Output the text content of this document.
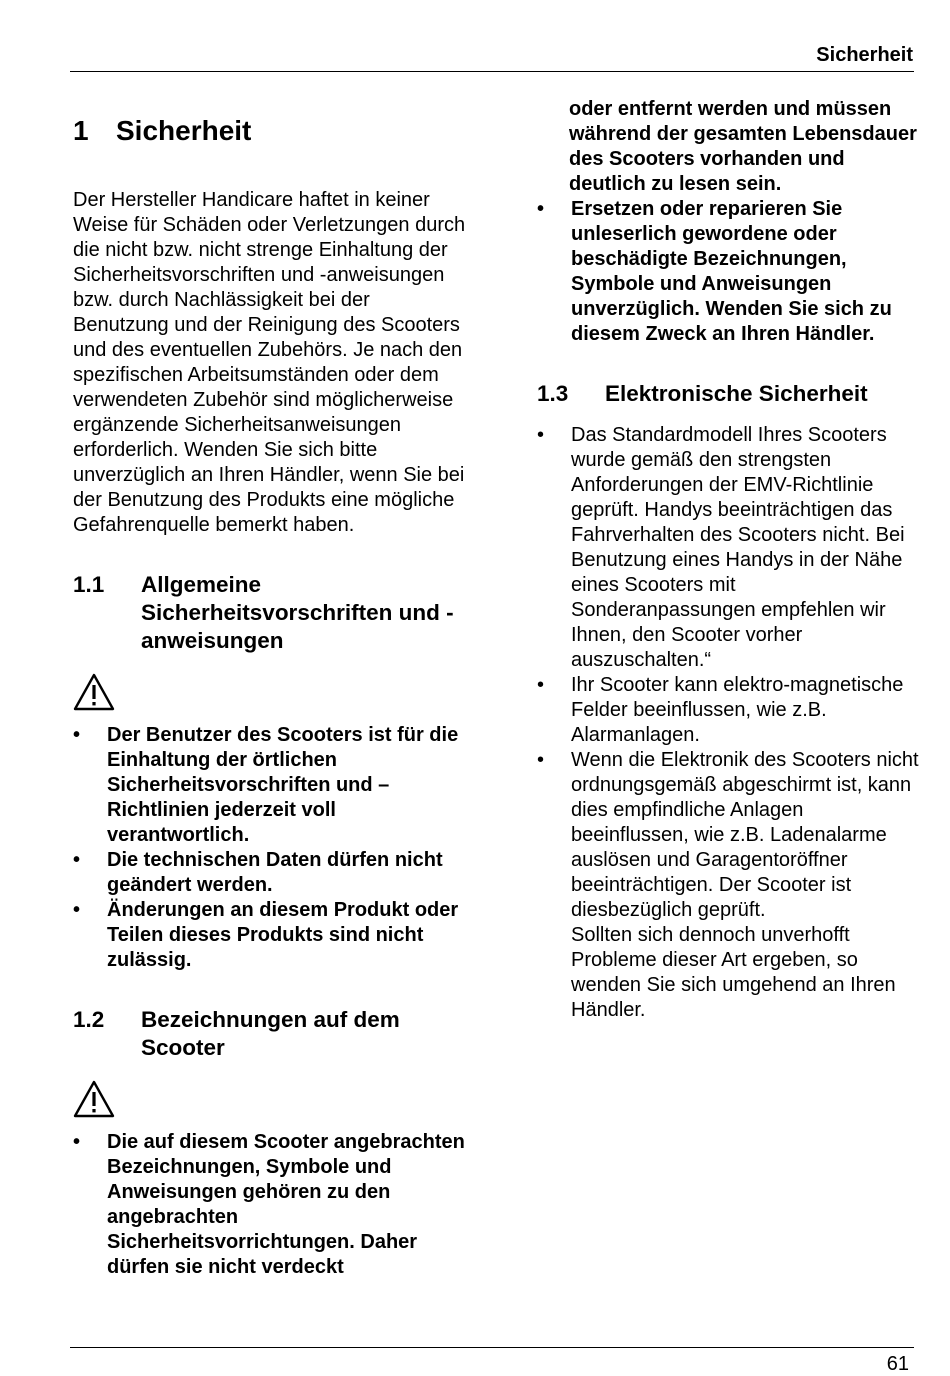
Sicherheit
1 Sicherheit

Der Hersteller Handicare haftet in keiner Weise für Schäden oder Verletzungen durch die nicht bzw. nicht strenge Einhaltung der Sicherheitsvorschriften und -anweisungen bzw. durch Nachlässigkeit bei der Benutzung und der Reinigung des Scooters und des eventuellen Zubehörs. Je nach den spezifischen Arbeitsumständen oder dem verwendeten Zubehör sind möglicherweise ergänzende Sicherheitsanweisungen erforderlich. Wenden Sie sich bitte unverzüglich an Ihren Händler, wenn Sie bei der Benutzung des Produkts eine mögliche Gefahrenquelle bemerkt haben.

1.1	Allgemeine Sicherheitsvorschriften und -anweisungen
• Der Benutzer des Scooters ist für die Einhaltung der örtlichen Sicherheitsvorschriften und –Richtlinien jederzeit voll verantwortlich.
• Die technischen Daten dürfen nicht geändert werden.
• Änderungen an diesem Produkt oder Teilen dieses Produkts sind nicht zulässig.
1.2	Bezeichnungen auf dem Scooter
• Die auf diesem Scooter angebrachten Bezeichnungen, Symbole und Anweisungen gehören zu den angebrachten Sicherheitsvorrichtungen. Daher dürfen sie nicht verdeckt

oder entfernt werden und müssen während der gesamten Lebensdauer des Scooters vorhanden und deutlich zu lesen sein.

• Ersetzen oder reparieren Sie unleserlich gewordene oder beschädigte Bezeichnungen, Symbole und Anweisungen unverzüglich. Wenden Sie sich zu diesem Zweck an Ihren Händler.
1.3	Elektronische Sicherheit
• Das Standardmodell Ihres Scooters wurde gemäß den strengsten Anforderungen der EMV-Richtlinie geprüft. Handys beeinträchtigen das Fahrverhalten des Scooters nicht. Bei Benutzung eines Handys in der Nähe eines Scooters mit Sonderanpassungen empfehlen wir Ihnen, den Scooter vorher auszuschalten.“
• Ihr Scooter kann elektro-magnetische Felder beeinflussen, wie z.B. Alarmanlagen.
• Wenn die Elektronik des Scooters nicht ordnungsgemäß abgeschirmt ist, kann dies empfindliche Anlagen beeinflussen, wie z.B. Ladenalarme auslösen und Garagentoröffner beeinträchtigen. Der Scooter ist diesbezüglich geprüft.

Sollten sich dennoch unverhofft Probleme dieser Art ergeben, so wenden Sie sich umgehend an Ihren Händler.

61
